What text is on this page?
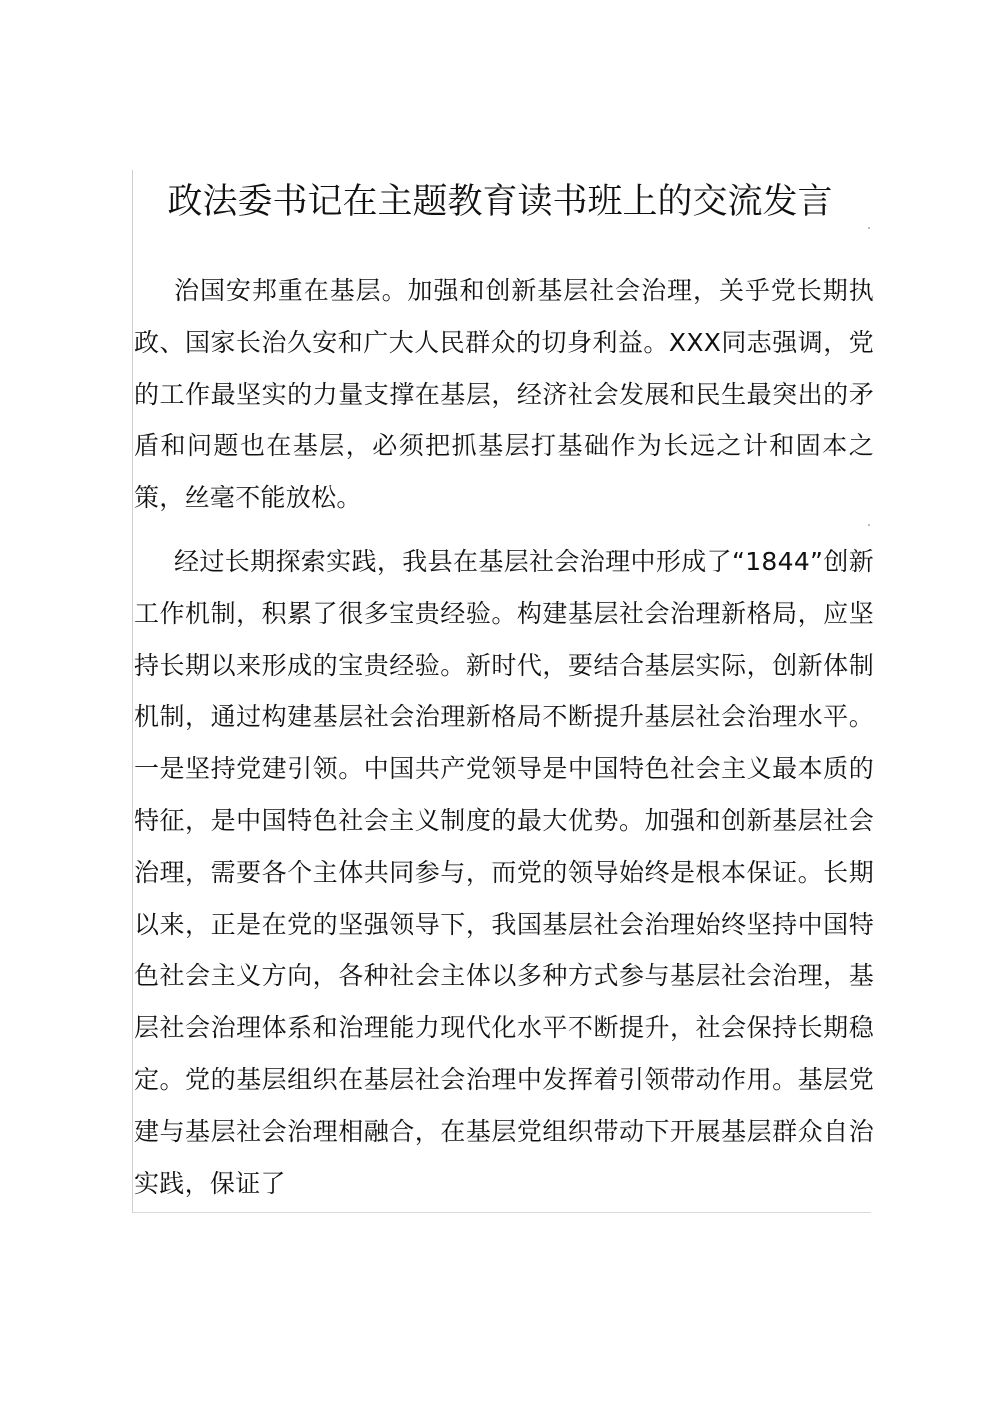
政法委书记在主题教育读书班上的交流发言

治国安邦重在基层。加强和创新基层社会治理，关乎党长期执政、国家长治久安和广大人民群众的切身利益。XXX同志强调，党的工作最坚实的力量支撑在基层，经济社会发展和民生最突出的矛盾和问题也在基层，必须把抓基层打基础作为长远之计和固本之策，丝毫不能放松。

经过长期探索实践，我县在基层社会治理中形成了“1844”创新工作机制，积累了很多宝贵经验。构建基层社会治理新格局，应坚持长期以来形成的宝贵经验。新时代，要结合基层实际，创新体制机制，通过构建基层社会治理新格局不断提升基层社会治理水平。一是坚持党建引领。中国共产党领导是中国特色社会主义最本质的特征，是中国特色社会主义制度的最大优势。加强和创新基层社会治理，需要各个主体共同参与，而党的领导始终是根本保证。长期以来，正是在党的坚强领导下，我国基层社会治理始终坚持中国特色社会主义方向，各种社会主体以多种方式参与基层社会治理，基层社会治理体系和治理能力现代化水平不断提升，社会保持长期稳定。党的基层组织在基层社会治理中发挥着引领带动作用。基层党建与基层社会治理相融合，在基层党组织带动下开展基层群众自治实践，保证了
